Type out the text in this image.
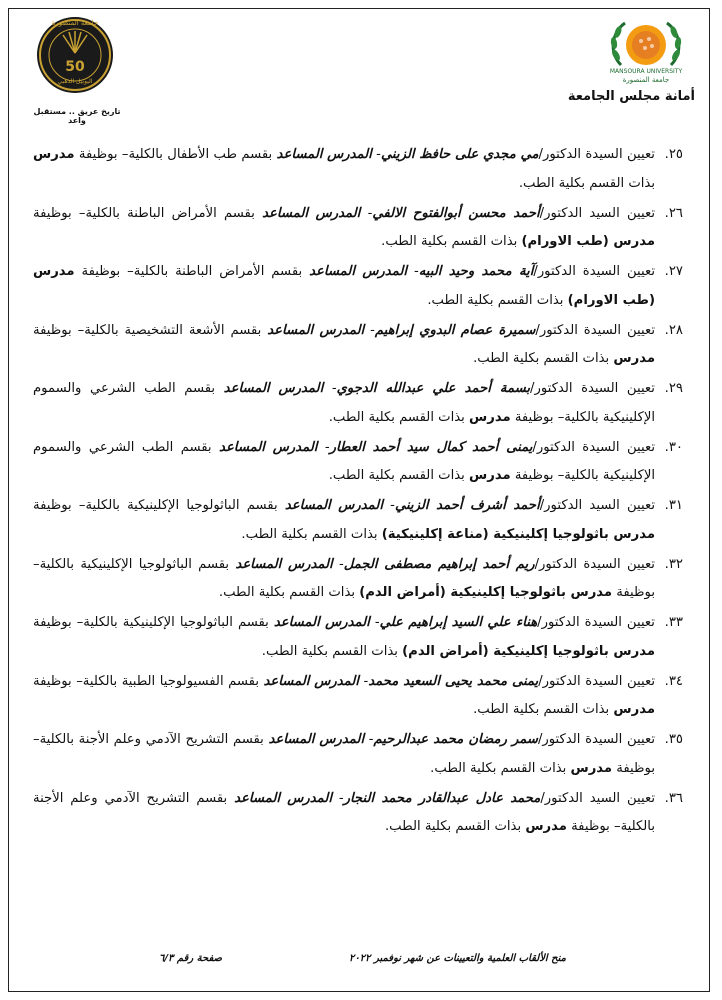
MANSOURA UNIVERSITY
جامعة المنصورة
أمانة مجلس الجامعة
جامعة المنصورة
50
اليوبيل الذهبي
تاريخ عريق .. مستقبل واعد
٢٥.
تعيين السيدة الدكتور/مي مجدي على حافظ الزيني- المدرس المساعد بقسم طب الأطفال بالكلية– بوظيفة مدرس بذات القسم بكلية الطب.
٢٦.
تعيين السيد الدكتور/أحمد محسن أبوالفتوح الالفي- المدرس المساعد بقسم الأمراض الباطنة بالكلية– بوظيفة مدرس (طب الاورام) بذات القسم بكلية الطب.
٢٧.
تعيين السيدة الدكتور/آية محمد وحيد البيه- المدرس المساعد بقسم الأمراض الباطنة بالكلية– بوظيفة مدرس (طب الاورام) بذات القسم بكلية الطب.
٢٨.
تعيين السيدة الدكتور/سميرة عصام البدوي إبراهيم- المدرس المساعد بقسم الأشعة التشخيصية بالكلية– بوظيفة مدرس بذات القسم بكلية الطب.
٢٩.
تعيين السيدة الدكتور/بسمة أحمد علي عبدالله الدجوي- المدرس المساعد بقسم الطب الشرعي والسموم الإكلينيكية بالكلية– بوظيفة مدرس بذات القسم بكلية الطب.
٣٠.
تعيين السيدة الدكتور/يمنى أحمد كمال سيد أحمد العطار- المدرس المساعد بقسم الطب الشرعي والسموم الإكلينيكية بالكلية– بوظيفة مدرس بذات القسم بكلية الطب.
٣١.
تعيين السيد الدكتور/أحمد أشرف أحمد الزيني- المدرس المساعد بقسم الباثولوجيا الإكلينيكية بالكلية– بوظيفة مدرس باثولوجيا إكلينيكية (مناعة إكلينيكية) بذات القسم بكلية الطب.
٣٢.
تعيين السيدة الدكتور/ريم أحمد إبراهيم مصطفى الجمل- المدرس المساعد بقسم الباثولوجيا الإكلينيكية بالكلية– بوظيفة مدرس باثولوجيا إكلينيكية (أمراض الدم) بذات القسم بكلية الطب.
٣٣.
تعيين السيدة الدكتور/هناء علي السيد إبراهيم علي- المدرس المساعد بقسم الباثولوجيا الإكلينيكية بالكلية– بوظيفة مدرس باثولوجيا إكلينيكية (أمراض الدم) بذات القسم بكلية الطب.
٣٤.
تعيين السيدة الدكتور/يمنى محمد يحيى السعيد محمد- المدرس المساعد بقسم الفسيولوجيا الطبية بالكلية– بوظيفة مدرس بذات القسم بكلية الطب.
٣٥.
تعيين السيدة الدكتور/سمر رمضان محمد عبدالرحيم- المدرس المساعد بقسم التشريح الآدمي وعلم الأجنة بالكلية– بوظيفة مدرس بذات القسم بكلية الطب.
٣٦.
تعيين السيد الدكتور/محمد عادل عبدالقادر محمد النجار- المدرس المساعد بقسم التشريح الآدمي وعلم الأجنة بالكلية– بوظيفة مدرس بذات القسم بكلية الطب.
منح الألقاب العلمية والتعيينات عن شهر نوفمبر ٢٠٢٢
صفحة رقم ٦/٣
